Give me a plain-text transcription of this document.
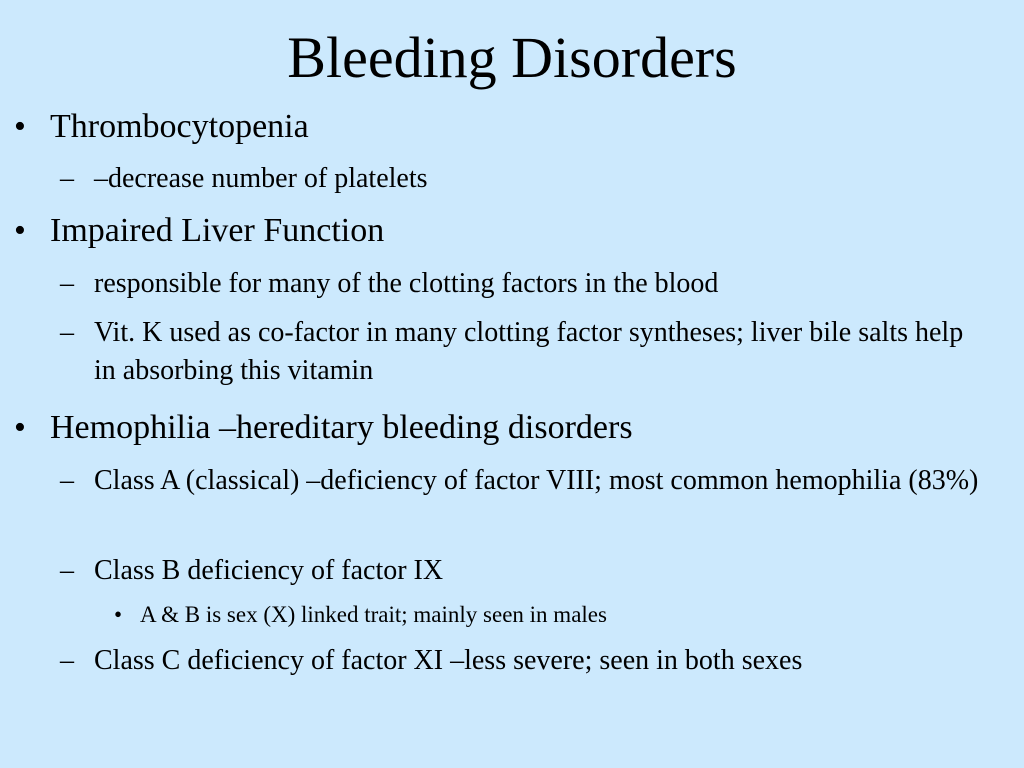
Bleeding Disorders
• Thrombocytopenia
– –decrease number of platelets
• Impaired Liver Function
– responsible for many of the clotting factors in the blood
– Vit. K used as co-factor in many clotting factor syntheses; liver bile salts help in absorbing this vitamin
• Hemophilia –hereditary bleeding disorders
– Class A (classical) –deficiency of factor VIII; most common hemophilia (83%)
– Class B deficiency of factor IX
• A & B is sex (X) linked trait; mainly seen in males
– Class C deficiency of factor XI –less severe; seen in both sexes
